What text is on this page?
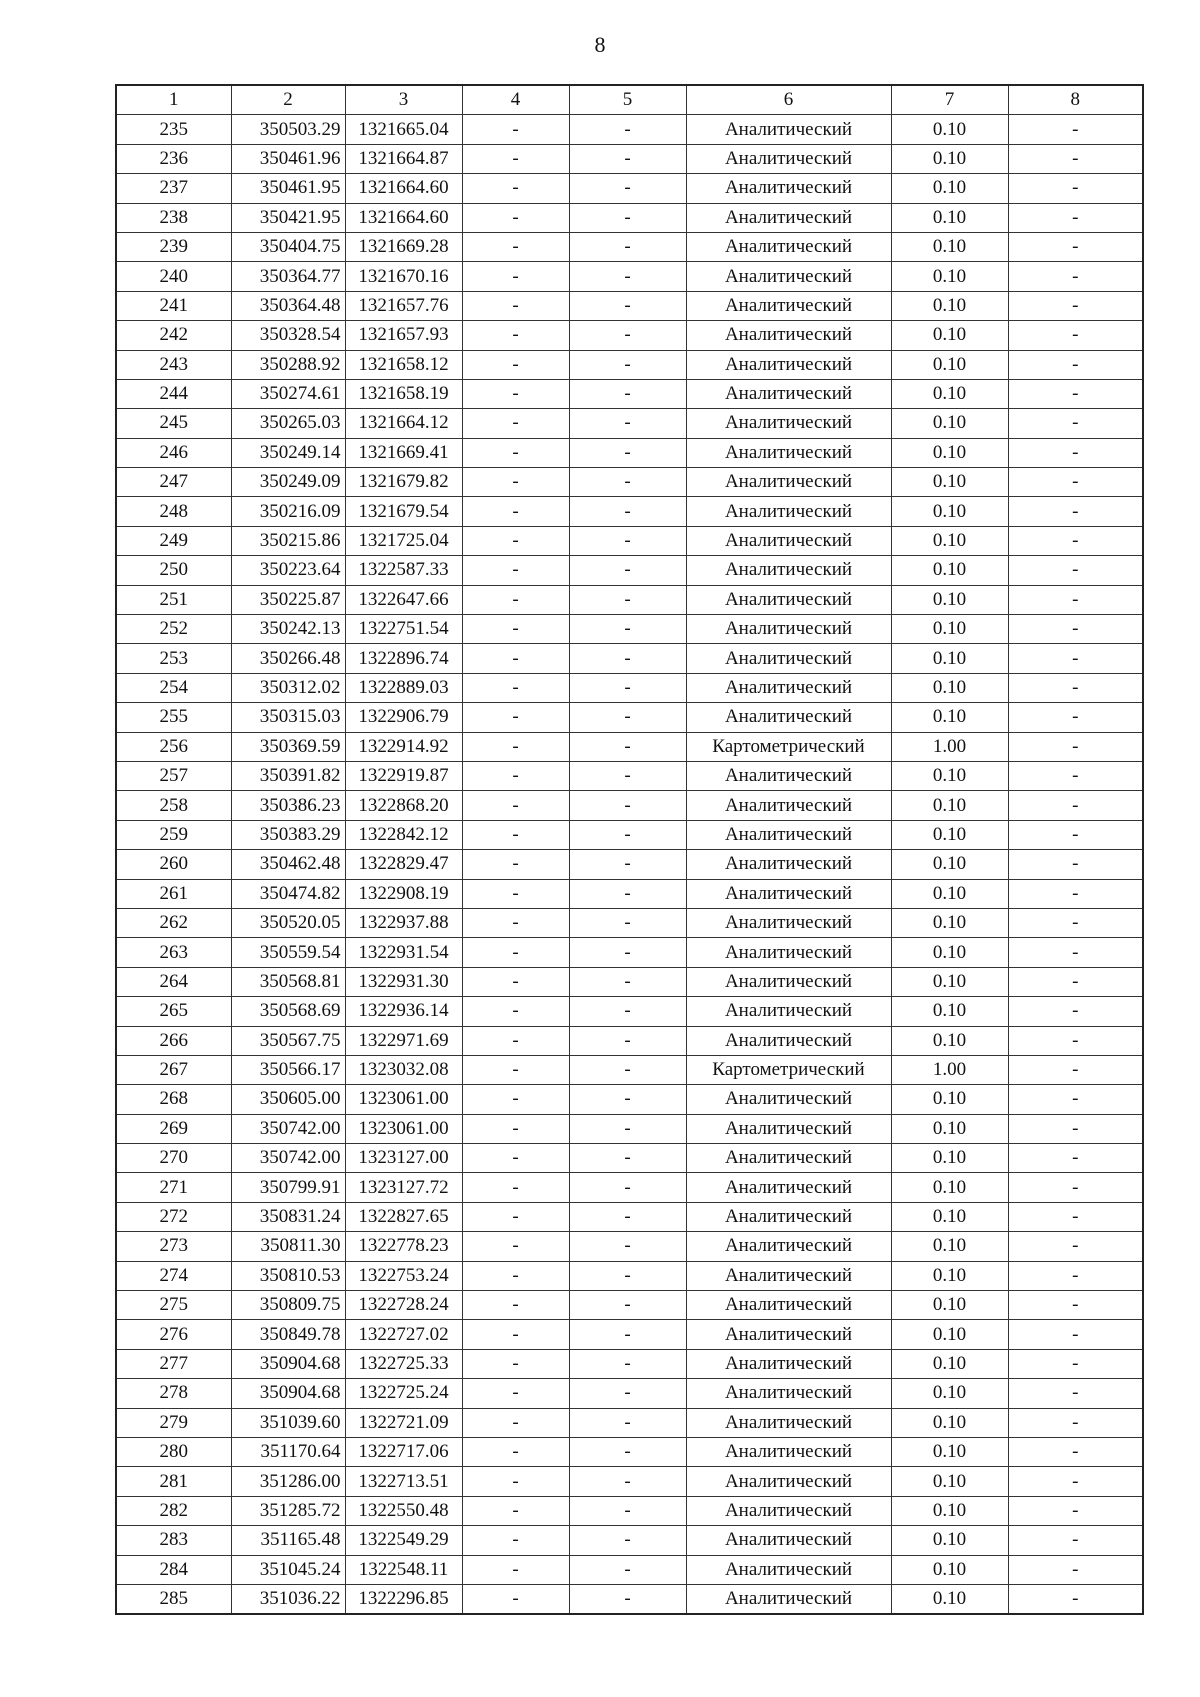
8
1	2	3	4	5	6	7	8
235	350503.29	1321665.04	-	-	Аналитический	0.10	-
236	350461.96	1321664.87	-	-	Аналитический	0.10	-
237	350461.95	1321664.60	-	-	Аналитический	0.10	-
238	350421.95	1321664.60	-	-	Аналитический	0.10	-
239	350404.75	1321669.28	-	-	Аналитический	0.10	-
240	350364.77	1321670.16	-	-	Аналитический	0.10	-
241	350364.48	1321657.76	-	-	Аналитический	0.10	-
242	350328.54	1321657.93	-	-	Аналитический	0.10	-
243	350288.92	1321658.12	-	-	Аналитический	0.10	-
244	350274.61	1321658.19	-	-	Аналитический	0.10	-
245	350265.03	1321664.12	-	-	Аналитический	0.10	-
246	350249.14	1321669.41	-	-	Аналитический	0.10	-
247	350249.09	1321679.82	-	-	Аналитический	0.10	-
248	350216.09	1321679.54	-	-	Аналитический	0.10	-
249	350215.86	1321725.04	-	-	Аналитический	0.10	-
250	350223.64	1322587.33	-	-	Аналитический	0.10	-
251	350225.87	1322647.66	-	-	Аналитический	0.10	-
252	350242.13	1322751.54	-	-	Аналитический	0.10	-
253	350266.48	1322896.74	-	-	Аналитический	0.10	-
254	350312.02	1322889.03	-	-	Аналитический	0.10	-
255	350315.03	1322906.79	-	-	Аналитический	0.10	-
256	350369.59	1322914.92	-	-	Картометрический	1.00	-
257	350391.82	1322919.87	-	-	Аналитический	0.10	-
258	350386.23	1322868.20	-	-	Аналитический	0.10	-
259	350383.29	1322842.12	-	-	Аналитический	0.10	-
260	350462.48	1322829.47	-	-	Аналитический	0.10	-
261	350474.82	1322908.19	-	-	Аналитический	0.10	-
262	350520.05	1322937.88	-	-	Аналитический	0.10	-
263	350559.54	1322931.54	-	-	Аналитический	0.10	-
264	350568.81	1322931.30	-	-	Аналитический	0.10	-
265	350568.69	1322936.14	-	-	Аналитический	0.10	-
266	350567.75	1322971.69	-	-	Аналитический	0.10	-
267	350566.17	1323032.08	-	-	Картометрический	1.00	-
268	350605.00	1323061.00	-	-	Аналитический	0.10	-
269	350742.00	1323061.00	-	-	Аналитический	0.10	-
270	350742.00	1323127.00	-	-	Аналитический	0.10	-
271	350799.91	1323127.72	-	-	Аналитический	0.10	-
272	350831.24	1322827.65	-	-	Аналитический	0.10	-
273	350811.30	1322778.23	-	-	Аналитический	0.10	-
274	350810.53	1322753.24	-	-	Аналитический	0.10	-
275	350809.75	1322728.24	-	-	Аналитический	0.10	-
276	350849.78	1322727.02	-	-	Аналитический	0.10	-
277	350904.68	1322725.33	-	-	Аналитический	0.10	-
278	350904.68	1322725.24	-	-	Аналитический	0.10	-
279	351039.60	1322721.09	-	-	Аналитический	0.10	-
280	351170.64	1322717.06	-	-	Аналитический	0.10	-
281	351286.00	1322713.51	-	-	Аналитический	0.10	-
282	351285.72	1322550.48	-	-	Аналитический	0.10	-
283	351165.48	1322549.29	-	-	Аналитический	0.10	-
284	351045.24	1322548.11	-	-	Аналитический	0.10	-
285	351036.22	1322296.85	-	-	Аналитический	0.10	-
